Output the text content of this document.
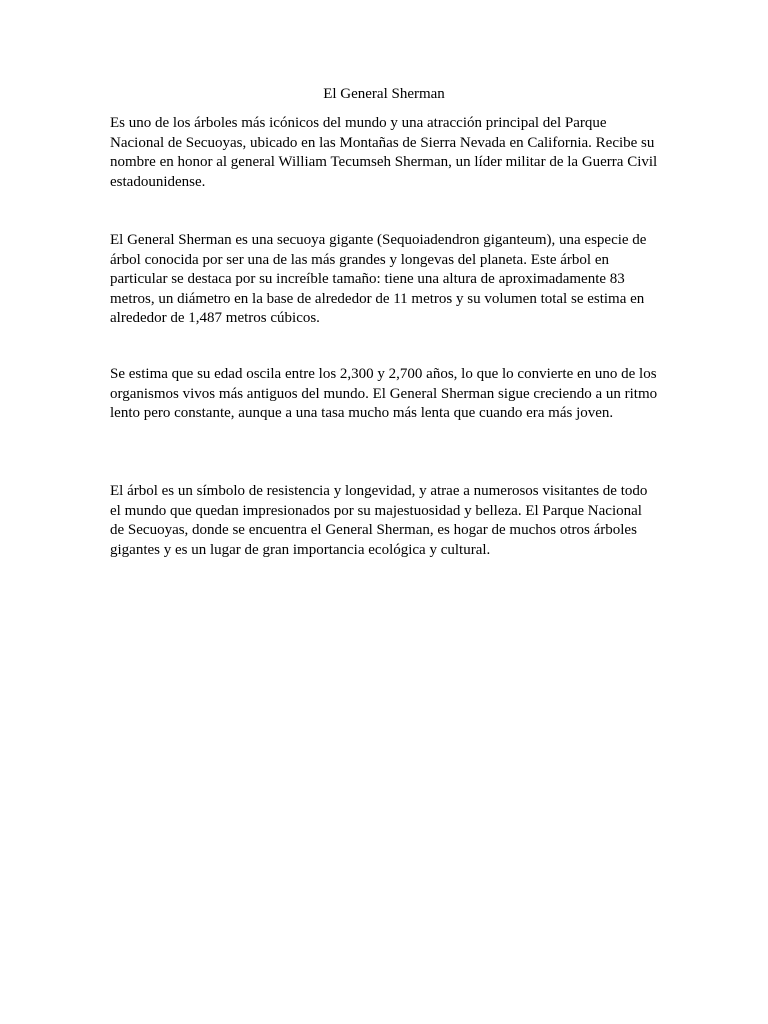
El General Sherman

Es uno de los árboles más icónicos del mundo y una atracción principal del Parque Nacional de Secuoyas, ubicado en las Montañas de Sierra Nevada en California. Recibe su nombre en honor al general William Tecumseh Sherman, un líder militar de la Guerra Civil estadounidense.

El General Sherman es una secuoya gigante (Sequoiadendron giganteum), una especie de árbol conocida por ser una de las más grandes y longevas del planeta. Este árbol en particular se destaca por su increíble tamaño: tiene una altura de aproximadamente 83 metros, un diámetro en la base de alrededor de 11 metros y su volumen total se estima en alrededor de 1,487 metros cúbicos.

Se estima que su edad oscila entre los 2,300 y 2,700 años, lo que lo convierte en uno de los organismos vivos más antiguos del mundo. El General Sherman sigue creciendo a un ritmo lento pero constante, aunque a una tasa mucho más lenta que cuando era más joven.

El árbol es un símbolo de resistencia y longevidad, y atrae a numerosos visitantes de todo el mundo que quedan impresionados por su majestuosidad y belleza. El Parque Nacional de Secuoyas, donde se encuentra el General Sherman, es hogar de muchos otros árboles gigantes y es un lugar de gran importancia ecológica y cultural.
